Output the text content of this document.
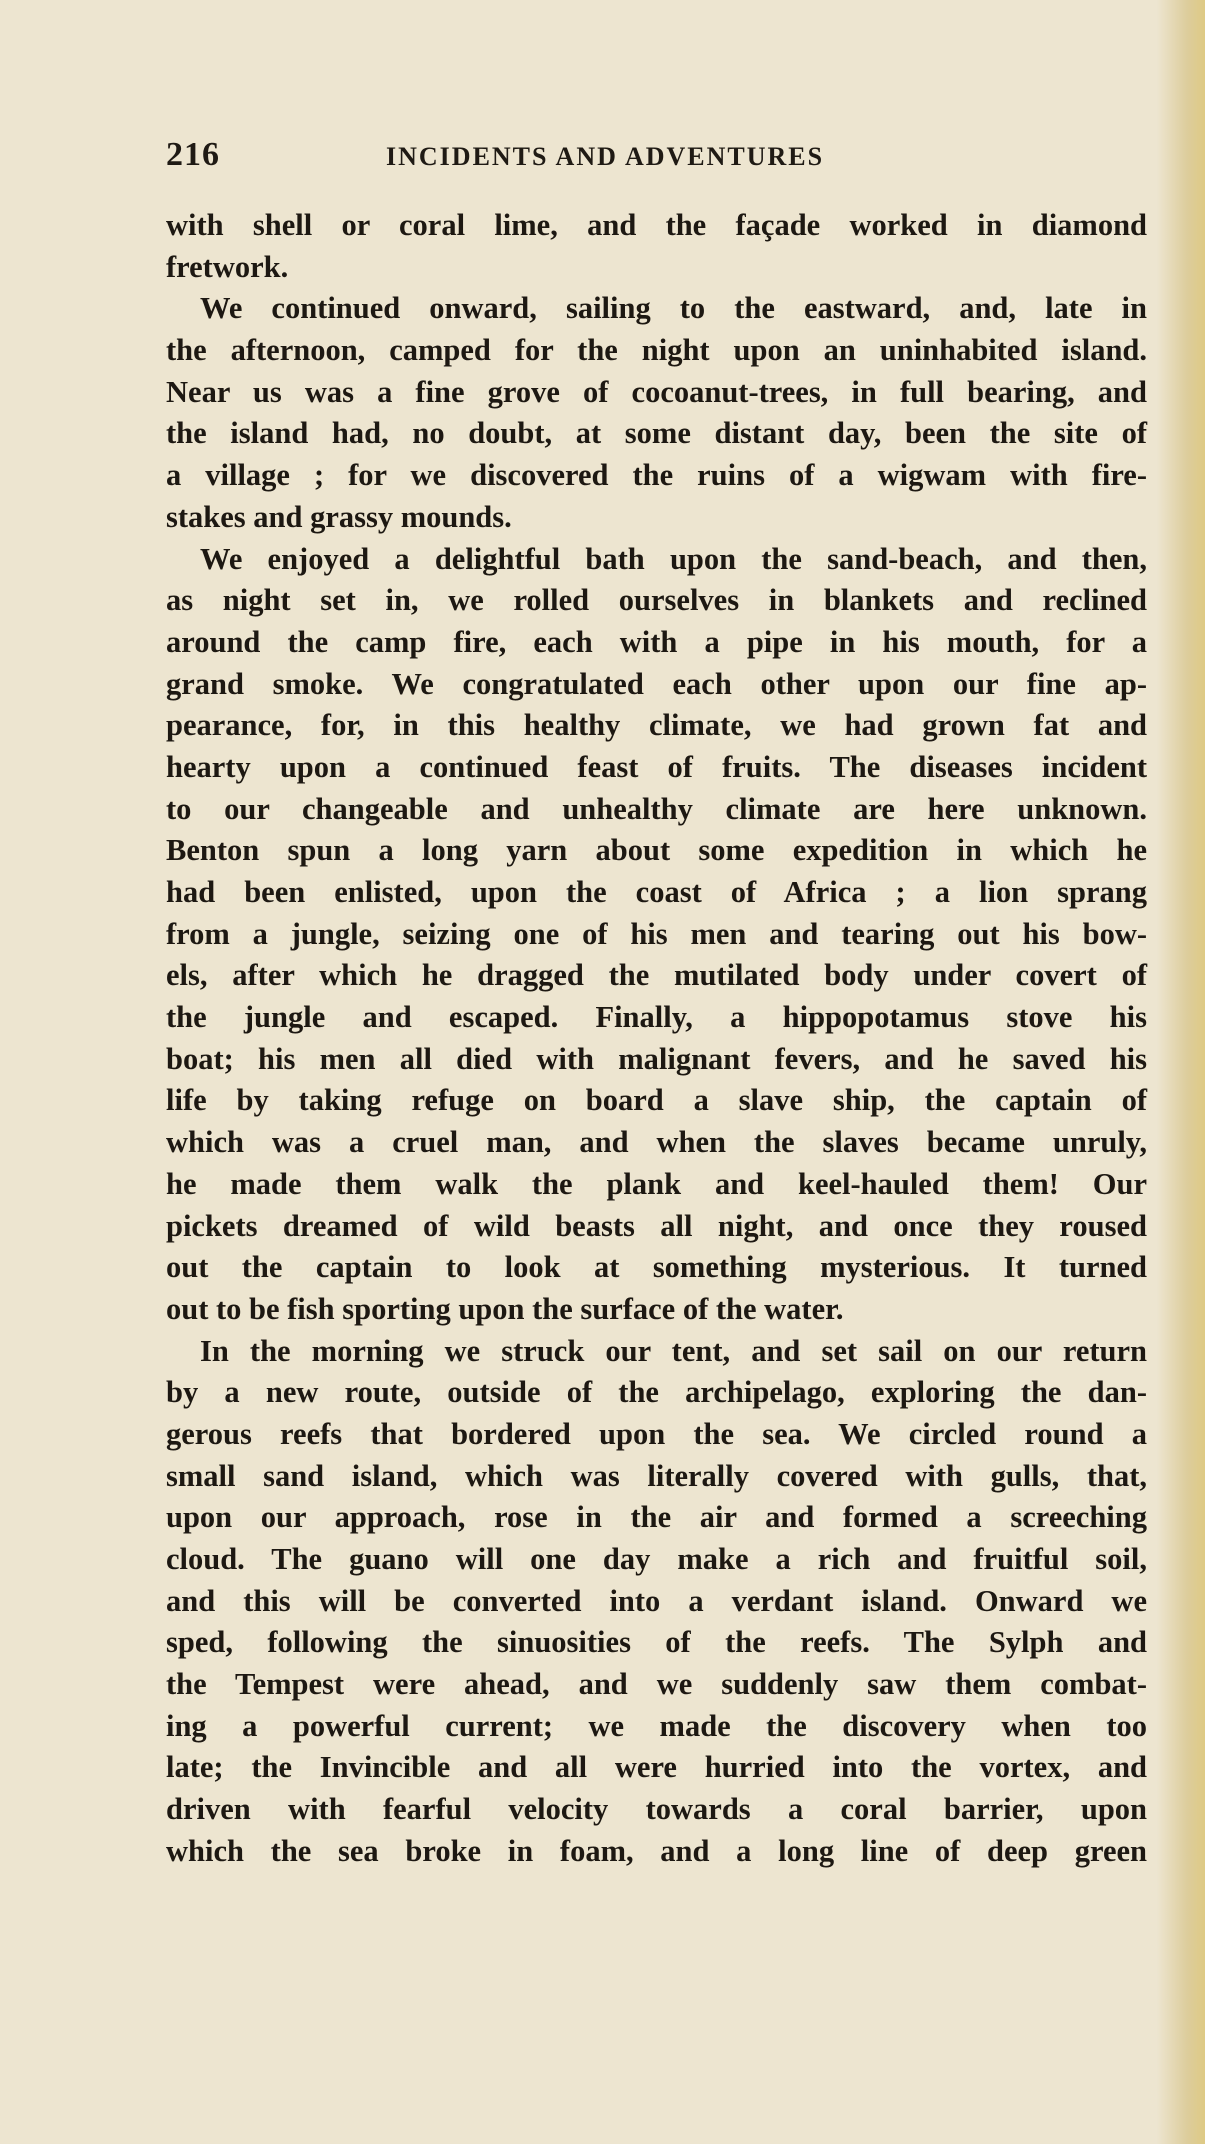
216	INCIDENTS AND ADVENTURES
with shell or coral lime, and the façade worked in diamond
fretwork.
We continued onward, sailing to the eastward, and, late in
the afternoon, camped for the night upon an uninhabited island.
Near us was a fine grove of cocoanut-trees, in full bearing, and
the island had, no doubt, at some distant day, been the site of
a village ; for we discovered the ruins of a wigwam with fire-
stakes and grassy mounds.
We enjoyed a delightful bath upon the sand-beach, and then,
as night set in, we rolled ourselves in blankets and reclined
around the camp fire, each with a pipe in his mouth, for a
grand smoke. We congratulated each other upon our fine ap-
pearance, for, in this healthy climate, we had grown fat and
hearty upon a continued feast of fruits. The diseases incident
to our changeable and unhealthy climate are here unknown.
Benton spun a long yarn about some expedition in which he
had been enlisted, upon the coast of Africa ; a lion sprang
from a jungle, seizing one of his men and tearing out his bow-
els, after which he dragged the mutilated body under covert of
the jungle and escaped. Finally, a hippopotamus stove his
boat; his men all died with malignant fevers, and he saved his
life by taking refuge on board a slave ship, the captain of
which was a cruel man, and when the slaves became unruly,
he made them walk the plank and keel-hauled them! Our
pickets dreamed of wild beasts all night, and once they roused
out the captain to look at something mysterious. It turned
out to be fish sporting upon the surface of the water.
In the morning we struck our tent, and set sail on our return
by a new route, outside of the archipelago, exploring the dan-
gerous reefs that bordered upon the sea. We circled round a
small sand island, which was literally covered with gulls, that,
upon our approach, rose in the air and formed a screeching
cloud. The guano will one day make a rich and fruitful soil,
and this will be converted into a verdant island. Onward we
sped, following the sinuosities of the reefs. The Sylph and
the Tempest were ahead, and we suddenly saw them combat-
ing a powerful current; we made the discovery when too
late; the Invincible and all were hurried into the vortex, and
driven with fearful velocity towards a coral barrier, upon
which the sea broke in foam, and a long line of deep green
